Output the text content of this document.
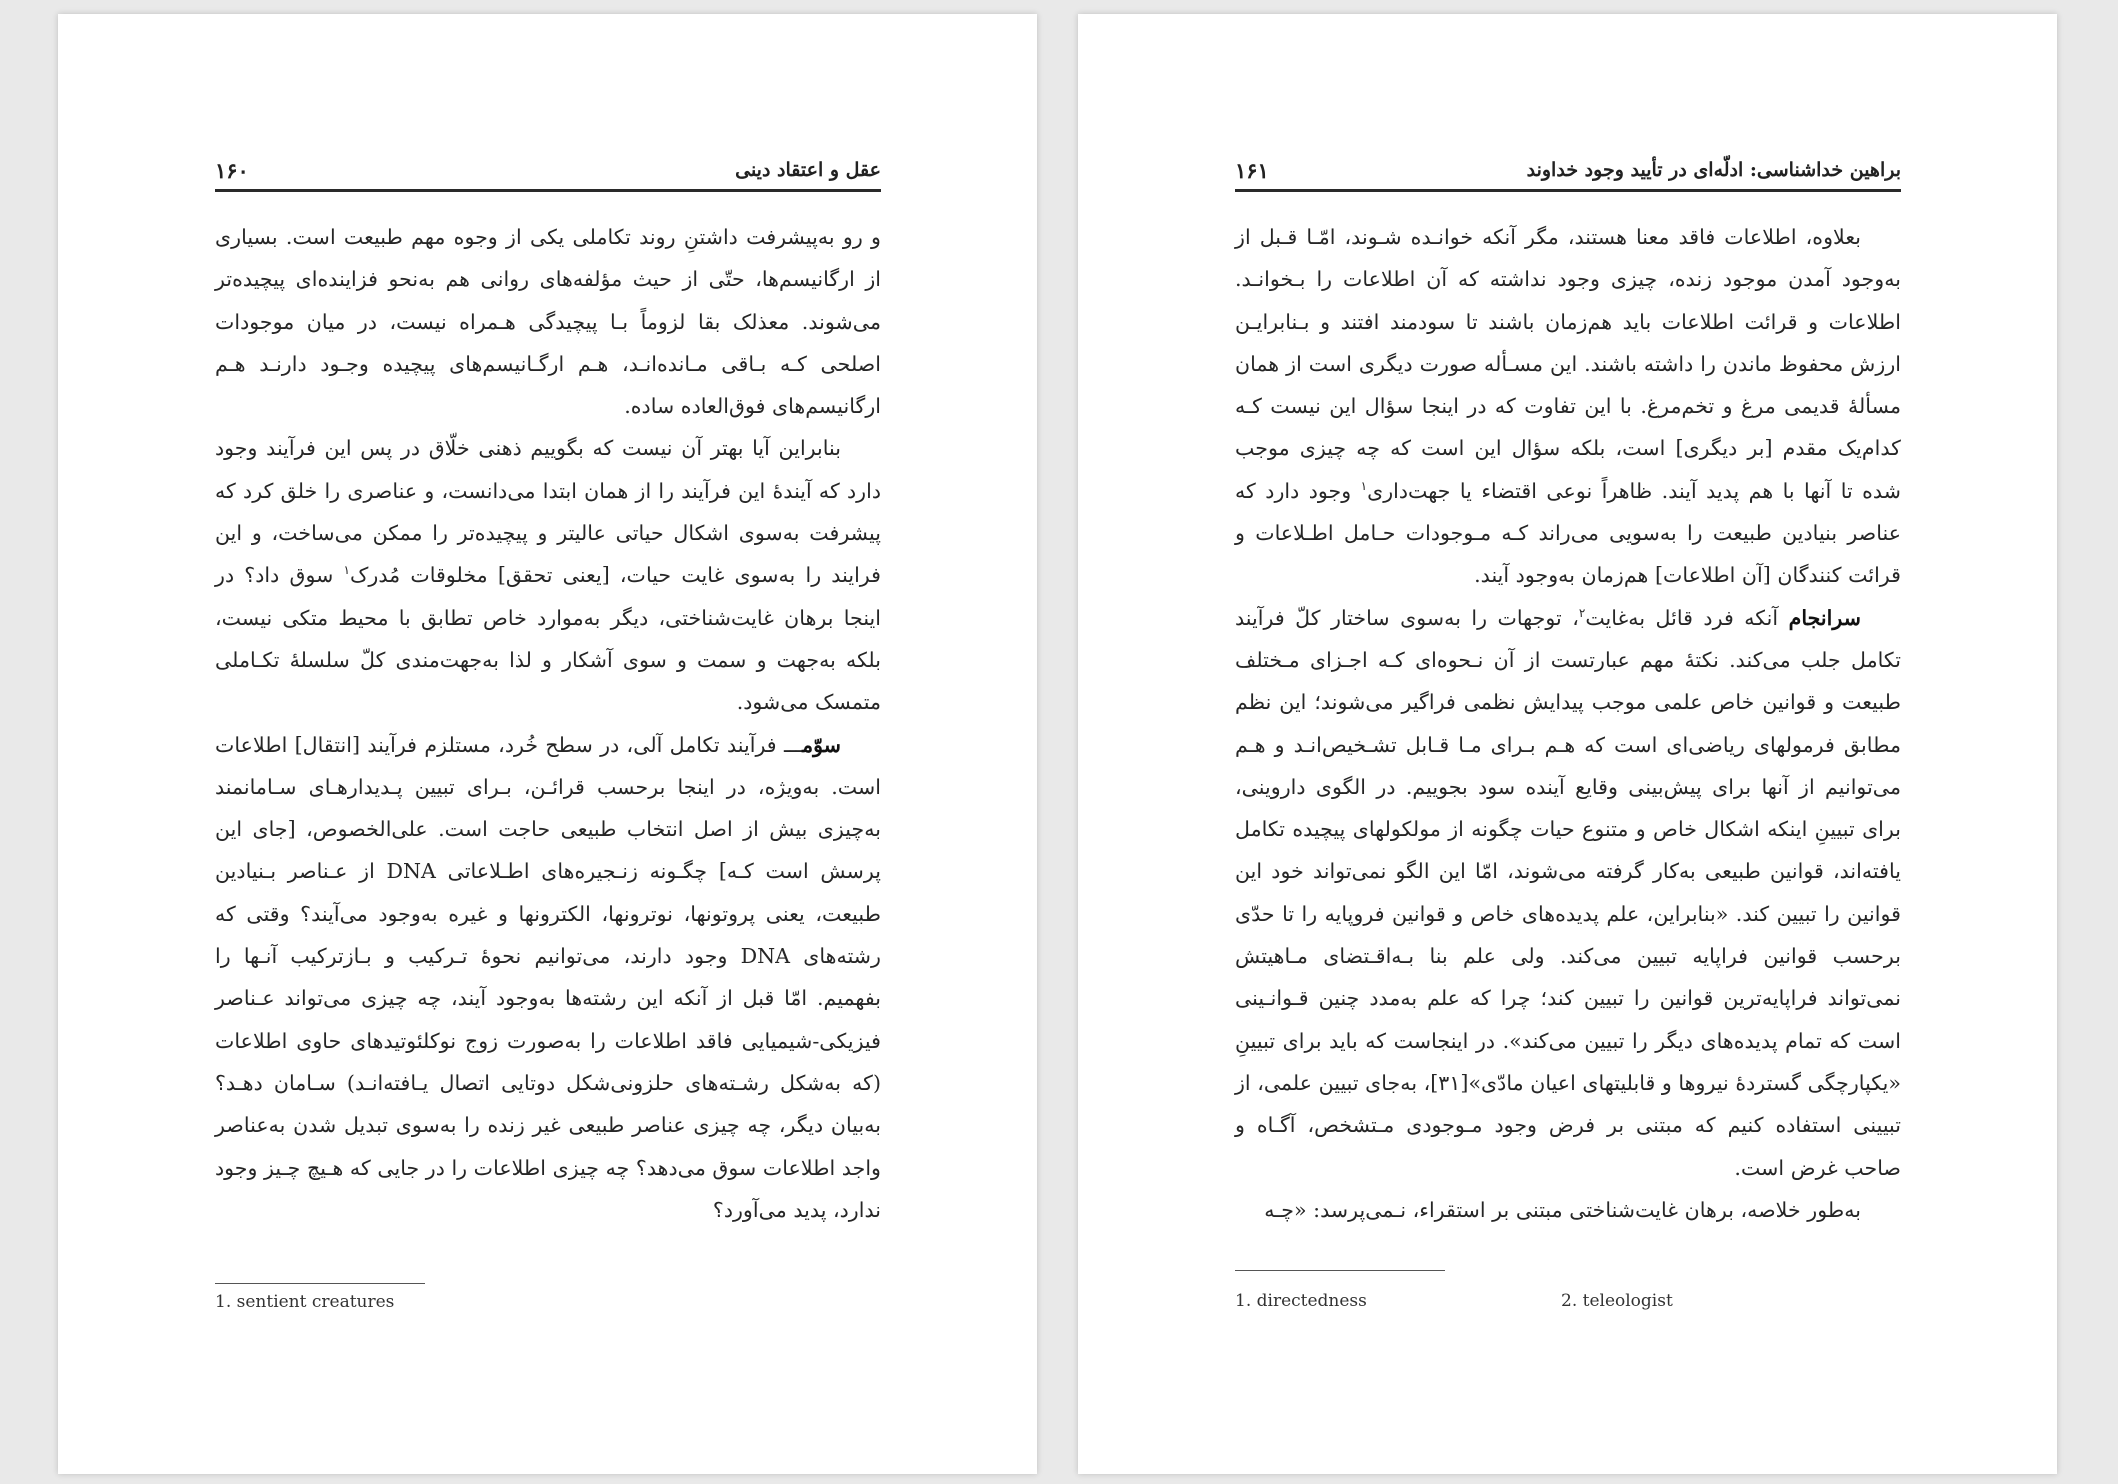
عقل و اعتقاد دینی
۱۶۰

و رو به‌پیشرفت داشتنِ روند تکاملی یکی از وجوه مهم طبیعت است. بسیاری از ارگانیسم‌ها، حتّی از حیث مؤلفه‌های روانی هم به‌نحو فزاینده‌ای پیچیده‌تر می‌شوند. معذلک بقا لزوماً بـا پیچیدگی هـمراه نیست، در میان موجودات اصلحی کـه بـاقی مـانده‌انـد، هـم ارگـانیسم‌های پیچیده وجـود دارنـد هـم ارگانیسم‌های فوق‌العاده ساده.

بنابراین آیا بهتر آن نیست که بگوییم ذهنی خلّاق در پس این فرآیند وجود دارد که آیندهٔ این فرآیند را از همان ابتدا می‌دانست، و عناصری را خلق کرد که پیشرفت به‌سوی اشکال حیاتی عالیتر و پیچیده‌تر را ممکن می‌ساخت، و این فرایند را به‌سوی غایت حیات، [یعنی تحقق] مخلوقات مُدرک$^۱$ سوق داد؟ در اینجا برهان غایت‌شناختی، دیگر به‌موارد خاص تطابق با محیط متکی نیست، بلکه به‌جهت و سمت و سوی آشکار و لذا به‌جهت‌مندی کلّ سلسلهٔ تکـاملی متمسک می‌شود.

سوّمـــ فرآیند تکامل آلی، در سطح خُرد، مستلزم فرآیند [انتقال] اطلاعات است. به‌ویژه، در اینجا برحسب قرائـن، بـرای تبیین پـدیدارهـای سـامانمند به‌چیزی بیش از اصل انتخاب طبیعی حاجت است. علی‌الخصوص، [جای این پرسش است کـه] چگـونه زنـجیره‌های اطـلاعاتی DNA از عـناصر بـنیادین طبیعت، یعنی پروتونها، نوترونها، الکترونها و غیره به‌وجود می‌آیند؟ وقتی که رشته‌های DNA وجود دارند، می‌توانیم نحوهٔ تـرکیب و بـازترکیب آنـها را بفهمیم. امّا قبل از آنکه این رشته‌ها به‌وجود آیند، چه چیزی می‌تواند عـناصر فیزیکی-شیمیایی فاقد اطلاعات را به‌صورت زوج نوکلئوتیدهای حاوی اطلاعات (که به‌شکل رشـته‌های حلزونی‌شکل دوتایی اتصال یـافته‌انـد) سـامان دهـد؟ به‌بیان دیگر، چه چیزی عناصر طبیعی غیر زنده را به‌سوی تبدیل شدن به‌عناصر واجد اطلاعات سوق می‌دهد؟ چه چیزی اطلاعات را در جایی که هـیچ چـیز وجود ندارد، پدید می‌آورد؟

1. sentient creatures
براهین خداشناسی: ادلّه‌ای در تأیید وجود خداوند
۱۶۱

بعلاوه، اطلاعات فاقد معنا هستند، مگر آنکه خوانـده شـوند، امّـا قـبل از به‌وجود آمدن موجود زنده، چیزی وجود نداشته که آن اطلاعات را بـخوانـد. اطلاعات و قرائت اطلاعات باید هم‌زمان باشند تا سودمند افتند و بـنابرایـن ارزش محفوظ ماندن را داشته باشند. این مسـأله صورت دیگری است از همان مسألهٔ قدیمی مرغ و تخم‌مرغ. با این تفاوت که در اینجا سؤال این نیست کـه کدام‌یک مقدم [بر دیگری] است، بلکه سؤال این است که چه چیزی موجب شده تا آنها با هم پدید آیند. ظاهراً نوعی اقتضاء یا جهت‌داری$^۱$ وجود دارد که عناصر بنیادین طبیعت را به‌سویی می‌راند کـه مـوجودات حـامل اطـلاعات و قرائت کنندگان [آن اطلاعات] هم‌زمان به‌وجود آیند.

سرانجام آنکه فرد قائل به‌غایت$^۲$، توجهات را به‌سوی ساختار کلّ فرآیند تکامل جلب می‌کند. نکتهٔ مهم عبارتست از آن نـحوه‌ای کـه اجـزای مـختلف طبیعت و قوانین خاص علمی موجب پیدایش نظمی فراگیر می‌شوند؛ این نظم مطابق فرمولهای ریاضی‌ای است که هـم بـرای مـا قـابل تشـخیص‌انـد و هـم می‌توانیم از آنها برای پیش‌بینی وقایع آینده سود بجوییم. در الگوی داروینی، برای تبیینِ اینکه اشکال خاص و متنوع حیات چگونه از مولکولهای پیچیده تکامل یافته‌اند، قوانین طبیعی به‌کار گرفته می‌شوند، امّا این الگو نمی‌تواند خود این قوانین را تبیین کند. «بنابراین، علم پدیده‌های خاص و قوانین فروپایه را تا حدّی برحسب قوانین فراپایه تبیین می‌کند. ولی علم بنا بـه‌اقـتضای مـاهیتش نمی‌تواند فراپایه‌ترین قوانین را تبیین کند؛ چرا که علم به‌مدد چنین قـوانـینی است که تمام پدیده‌های دیگر را تبیین می‌کند». در اینجاست که باید برای تبیینِ «یکپارچگی گستردهٔ نیروها و قابلیتهای اعیان مادّی»[۳۱]، به‌جای تبیین علمی، از تبیینی استفاده کنیم که مبتنی بر فرض وجود مـوجودی مـتشخص، آگـاه و صاحب غرض است.

به‌طور خلاصه، برهان غایت‌شناختی مبتنی بر استقراء، نـمی‌پرسد: «چـه

1. directedness	2. teleologist
